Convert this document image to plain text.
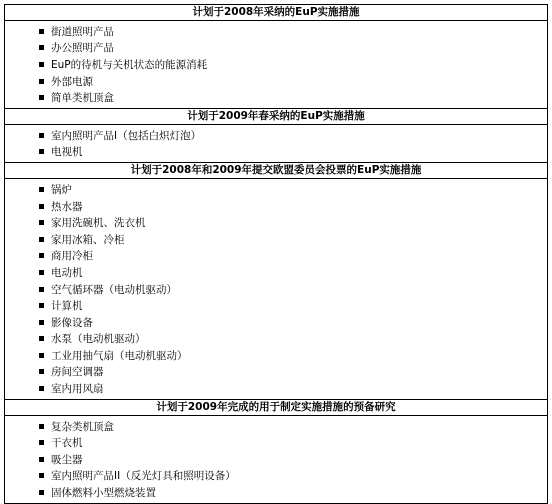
计划于2008年采纳的EuP实施措施
街道照明产品
办公照明产品
EuP的待机与关机状态的能源消耗
外部电源
简单类机顶盒
计划于2009年春采纳的EuP实施措施
室内照明产品I（包括白炽灯泡）
电视机
计划于2008年和2009年提交欧盟委员会投票的EuP实施措施
锅炉
热水器
家用洗碗机、洗衣机
家用冰箱、冷柜
商用冷柜
电动机
空气循环器（电动机驱动）
计算机
影像设备
水泵（电动机驱动）
工业用抽气扇（电动机驱动）
房间空调器
室内用风扇
计划于2009年完成的用于制定实施措施的预备研究
复杂类机顶盒
干衣机
吸尘器
室内照明产品II（反光灯具和照明设备）
固体燃料小型燃烧装置
